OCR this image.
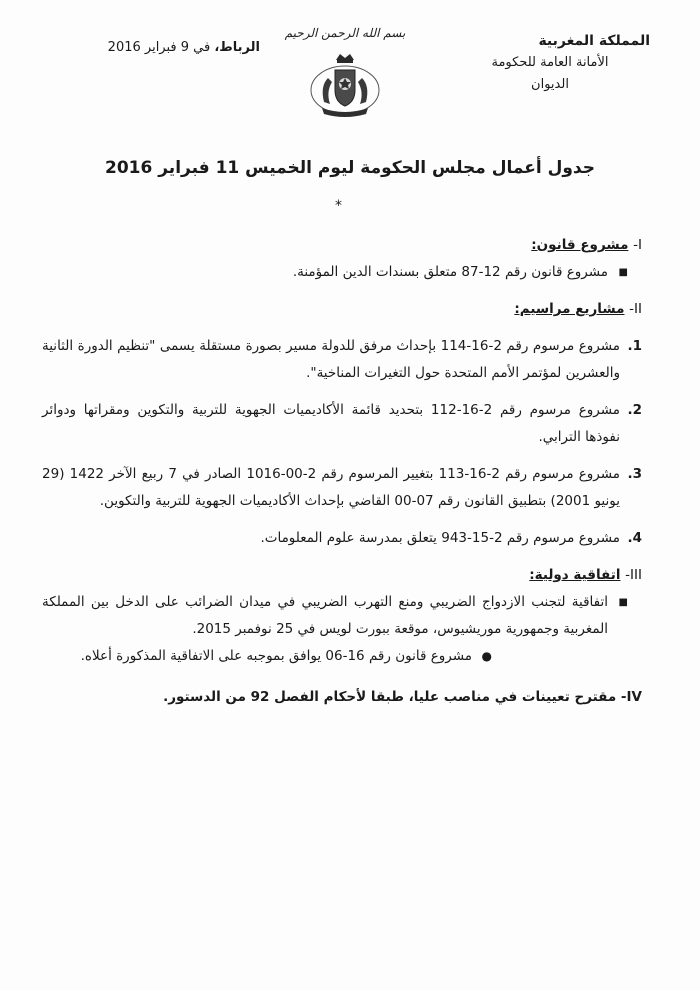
المملكة المغربية
الأمانة العامة للحكومة
الديوان
بسم الله الرحمن الرحيم
الرباط، في 9 فبراير 2016
جدول أعمال مجلس الحكومة ليوم الخميس 11 فبراير 2016
*
I- مشروع قانون:
■
مشروع قانون رقم 12-87 متعلق بسندات الدين المؤمنة.
II- مشاريع مراسيم:
1.
مشروع مرسوم رقم 2-16-114 بإحداث مرفق للدولة مسير بصورة مستقلة يسمى "تنظيم الدورة الثانية والعشرين لمؤتمر الأمم المتحدة حول التغيرات المناخية".
2.
مشروع مرسوم رقم 2-16-112 بتحديد قائمة الأكاديميات الجهوية للتربية والتكوين ومقراتها ودوائر نفوذها الترابي.
3.
مشروع مرسوم رقم 2-16-113 بتغيير المرسوم رقم 2-00-1016 الصادر في 7 ربيع الآخر 1422 (29 يونيو 2001) بتطبيق القانون رقم 07-00 القاضي بإحداث الأكاديميات الجهوية للتربية والتكوين.
4.
مشروع مرسوم رقم 2-15-943 يتعلق بمدرسة علوم المعلومات.
III- اتفاقية دولية:
■
اتفاقية لتجنب الازدواج الضريبي ومنع التهرب الضريبي في ميدان الضرائب على الدخل بين المملكة المغربية وجمهورية موريشيوس، موقعة ببورت لويس في 25 نوفمبر 2015.
●
مشروع قانون رقم 16-06 يوافق بموجبه على الاتفاقية المذكورة أعلاه.
IV- مقترح تعيينات في مناصب عليا، طبقا لأحكام الفصل 92 من الدستور.
